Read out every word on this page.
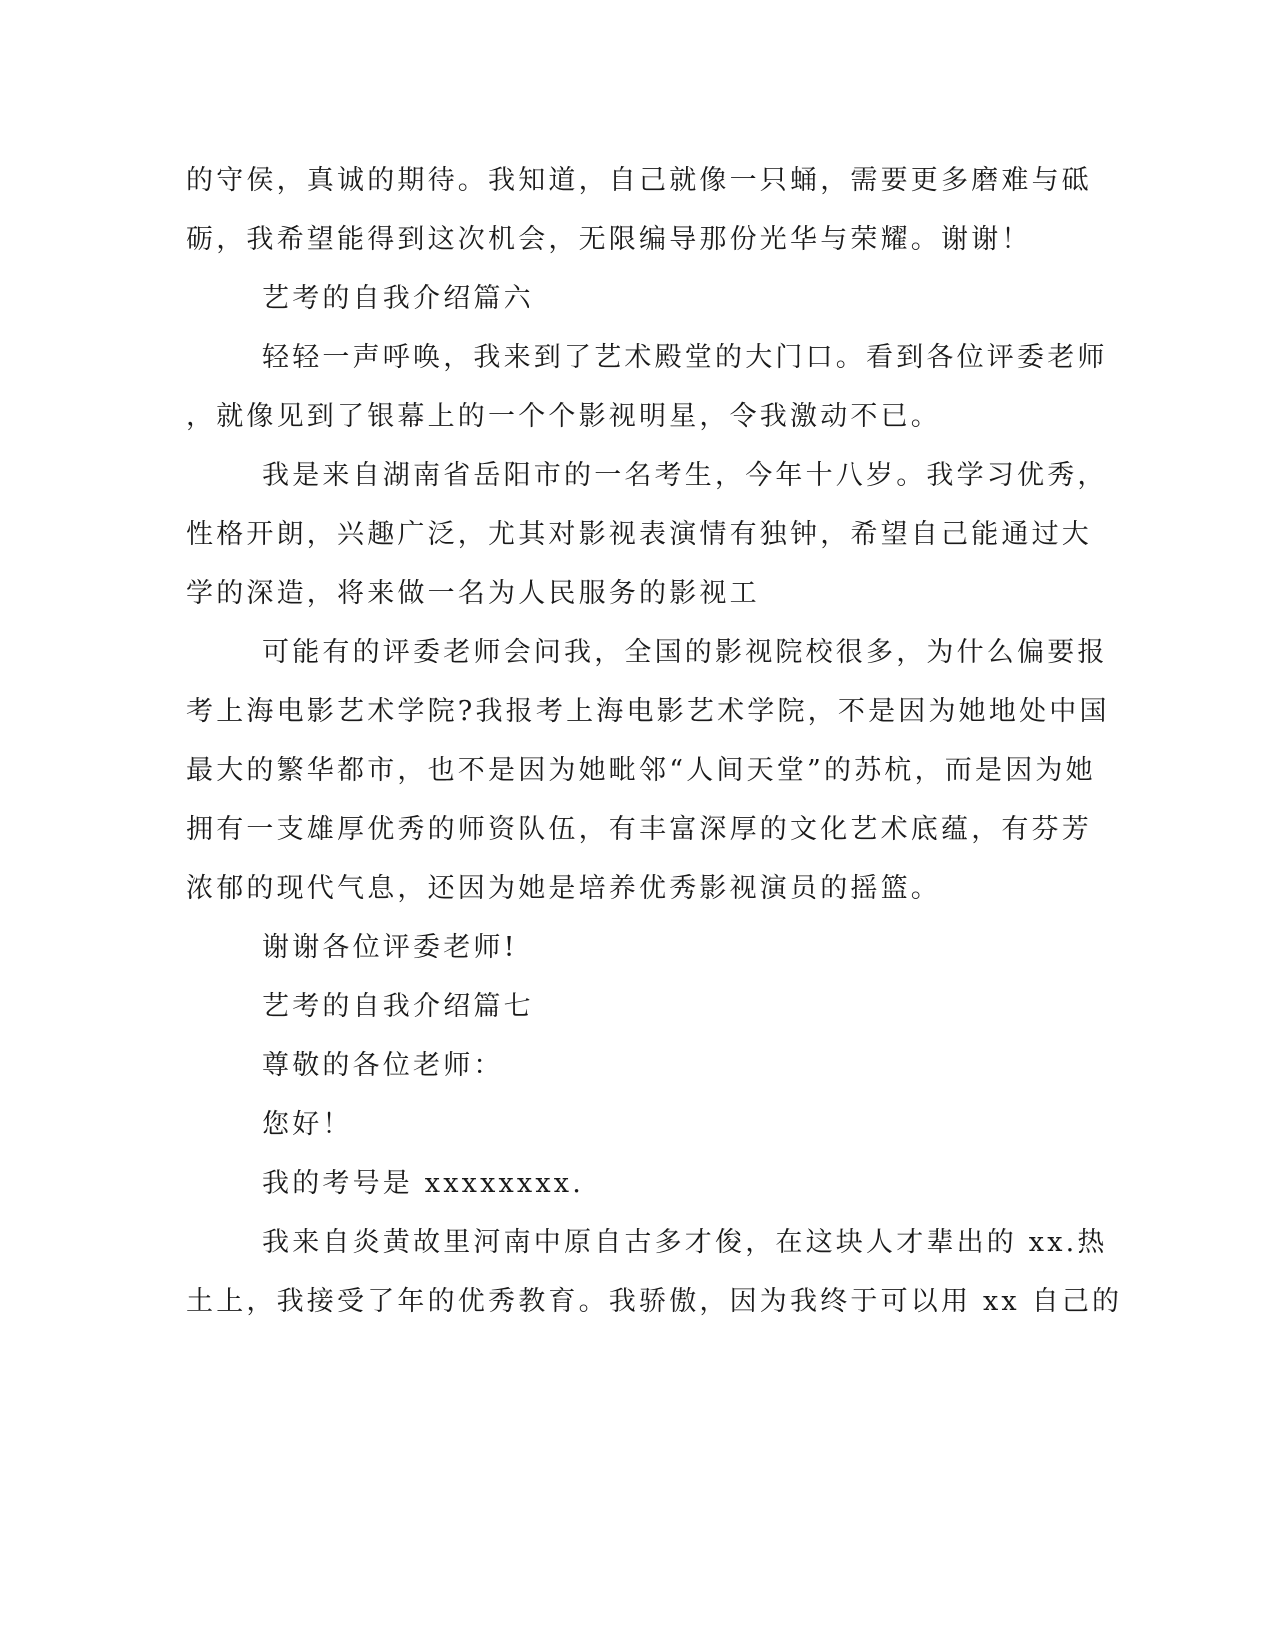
的守侯，真诚的期待。我知道，自己就像一只蛹，需要更多磨难与砥
砺，我希望能得到这次机会，无限编导那份光华与荣耀。谢谢！
艺考的自我介绍篇六
轻轻一声呼唤，我来到了艺术殿堂的大门口。看到各位评委老师
，就像见到了银幕上的一个个影视明星，令我激动不已。
我是来自湖南省岳阳市的一名考生，今年十八岁。我学习优秀，
性格开朗，兴趣广泛，尤其对影视表演情有独钟，希望自己能通过大
学的深造，将来做一名为人民服务的影视工
可能有的评委老师会问我，全国的影视院校很多，为什么偏要报
考上海电影艺术学院?我报考上海电影艺术学院，不是因为她地处中国
最大的繁华都市，也不是因为她毗邻“人间天堂”的苏杭，而是因为她
拥有一支雄厚优秀的师资队伍，有丰富深厚的文化艺术底蕴，有芬芳
浓郁的现代气息，还因为她是培养优秀影视演员的摇篮。
谢谢各位评委老师!
艺考的自我介绍篇七
尊敬的各位老师：
您好！
我的考号是 xxxxxxxx.
我来自炎黄故里河南中原自古多才俊，在这块人才辈出的 xx.热
土上，我接受了年的优秀教育。我骄傲，因为我终于可以用 xx 自己的
